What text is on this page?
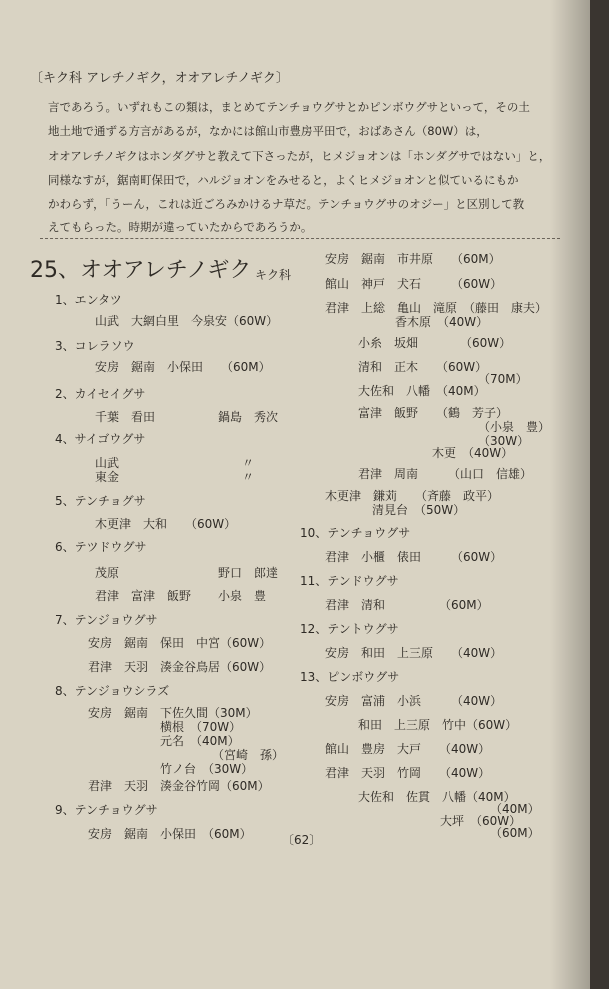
〔キク科 アレチノギク，オオアレチノギク〕
言であろう。いずれもこの類は，まとめてテンチョウグサとかピンボウグサといって，その土
地土地で通ずる方言があるが，なかには館山市豊房平田で，おばあさん（80W）は，
オオアレチノギクはホンダグサと教えて下さったが，ヒメジョオンは「ホンダグサではない」と，
同様なすが，鋸南町保田で，ハルジョオンをみせると，よくヒメジョオンと似ているにもか
かわらず，「うーん，これは近ごろみかけるナ草だ。テンチョウグサのオジー」と区別して教
えてもらった。時期が違っていたからであろうか。
25、オオアレチノギク キク科
1、エンタツ
山武　大網白里　今泉安（60W）
3、コレラソウ
安房　鋸南　小保田　　（60M）
2、カイセイグサ
千葉　看田	鍋島　秀次
4、サイゴウグサ
山武	〃
東金	〃
5、テンチョグサ
木更津　大和　　（60W）
6、テツドウグサ
茂原	野口　郎達
君津　富津　飯野 小泉　豊
7、テンジョウグサ
安房　鋸南　保田　中宮（60W）
君津　天羽　湊金谷鳥居（60W）
8、テンジョウシラズ
安房　鋸南　下佐久間（30M）
横根　（70W）
元名　（40M）
（宮崎　孫）
竹ノ台　（30W）
君津　天羽　湊金谷竹岡（60M）
9、テンチョウグサ
安房　鋸南　小保田　（60M）
安房　鋸南　市井原　　（60M）
館山　神戸　犬石　　　（60W）
君津　上総　亀山　滝原　（藤田　康夫）
香木原　（40W）
小糸　坂畑　　　　（60W）
清和　正木　　（60W）
（70M）
大佐和　八幡　（40M）
富津　飯野　　（鶴　芳子）
（小泉　豊）
（30W）
木更　（40W）
君津　周南　　　（山口　信雄）
木更津　鎌苅　　（斉藤　政平）
清見台　（50W）
10、テンチョウグサ
君津　小櫃　俵田　　　（60W）
11、テンドウグサ
君津　清和　　　　　（60M）
12、テントウグサ
安房　和田　上三原　　（40W）
13、ピンボウグサ
安房　富浦　小浜　　　（40W）
和田　上三原　竹中（60W）
館山　豊房　大戸　　（40W）
君津　天羽　竹岡　　（40W）
大佐和　佐貫　八幡（40M）
（40M）
大坪　（60W）
（60M）
〔62〕
